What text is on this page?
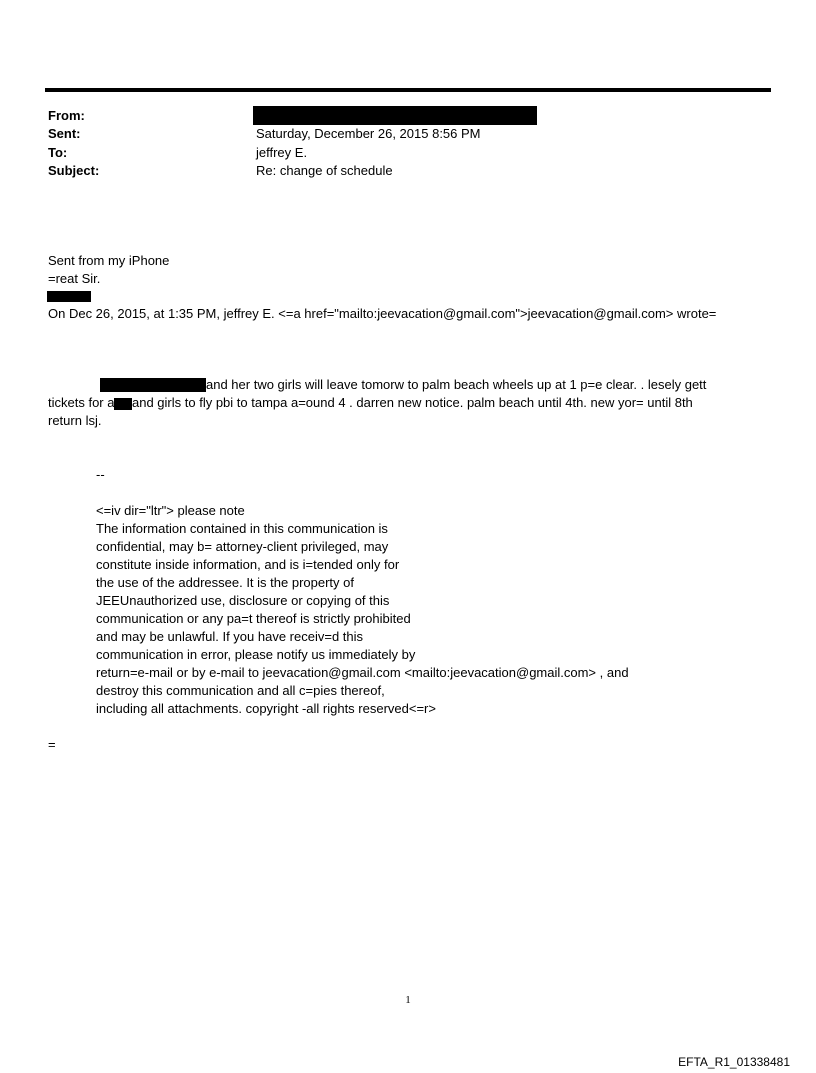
From:
Sent:	Saturday, December 26, 2015 8:56 PM
To:	jeffrey E.
Subject:	Re: change of schedule
Sent from my iPhone
=reat Sir.
On Dec 26, 2015, at 1:35 PM, jeffrey E. <=a href="mailto:jeevacation@gmail.com">jeevacation@gmail.com> wrote=
and her two girls will leave tomorw to palm beach wheels up at 1 p=e clear. . lesely gett
tickets for a and girls to fly pbi to tampa a=ound 4 . darren new notice. palm beach until 4th. new yor= until 8th
return lsj.
--
<=iv dir="ltr"> please note
The information contained in this communication is
confidential, may b= attorney-client privileged, may
constitute inside information, and is i=tended only for
the use of the addressee. It is the property of
JEEUnauthorized use, disclosure or copying of this
communication or any pa=t thereof is strictly prohibited
and may be unlawful. If you have receiv=d this
communication in error, please notify us immediately by
return=e-mail or by e-mail to jeevacation@gmail.com <mailto:jeevacation@gmail.com> , and
destroy this communication and all c=pies thereof,
including all attachments. copyright -all rights reserved<=r>
=
1
EFTA_R1_01338481
